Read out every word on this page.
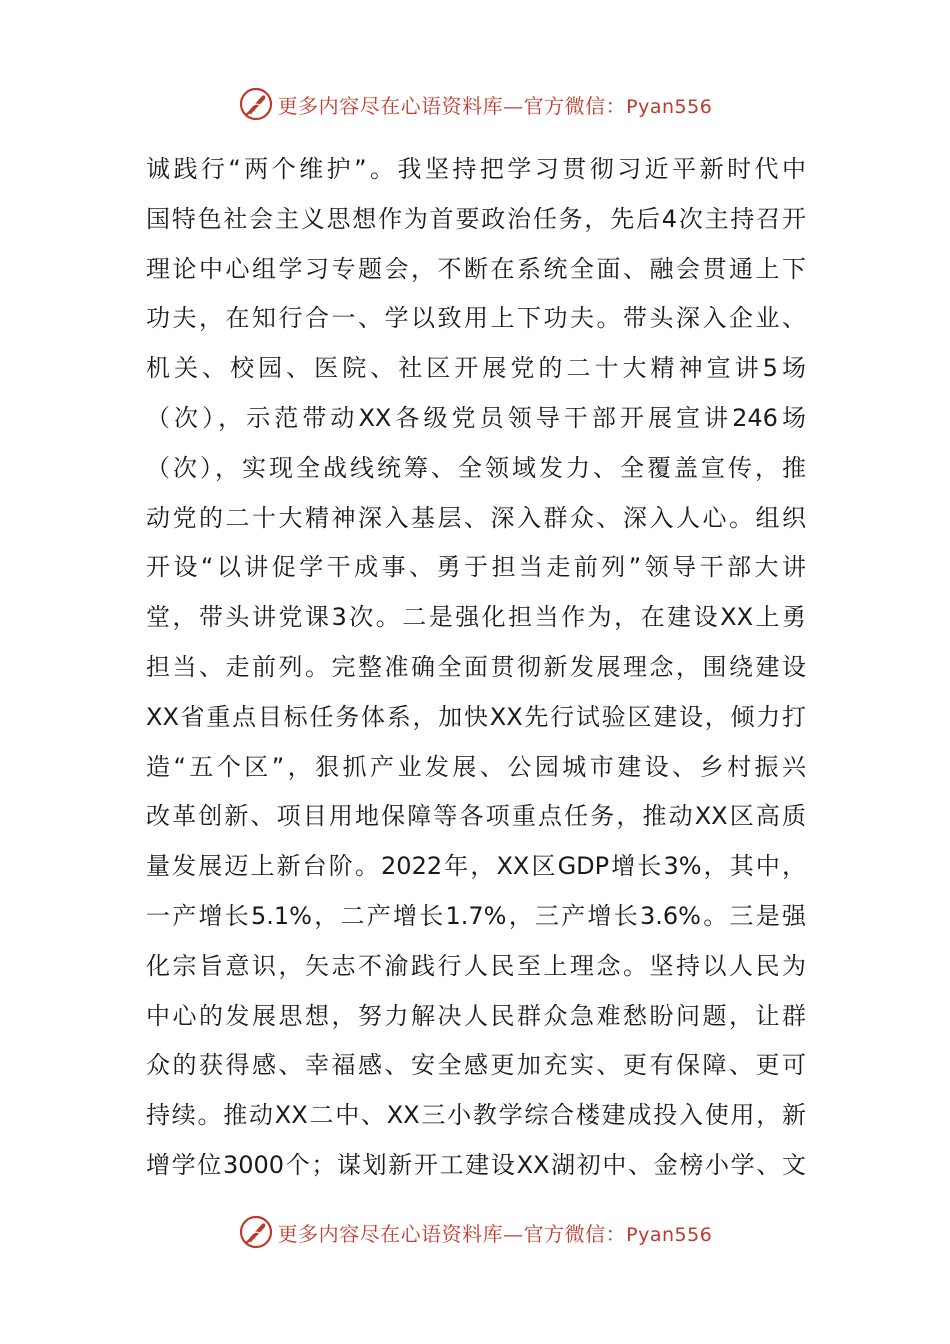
更多内容尽在心语资料库—官方微信：Pyan556
诚践行“两个维护”。我坚持把学习贯彻习近平新时代中
国特色社会主义思想作为首要政治任务，先后4次主持召开
理论中心组学习专题会，不断在系统全面、融会贯通上下
功夫，在知行合一、学以致用上下功夫。带头深入企业、
机关、校园、医院、社区开展党的二十大精神宣讲5场
（次），示范带动XX各级党员领导干部开展宣讲246场
（次），实现全战线统筹、全领域发力、全覆盖宣传，推
动党的二十大精神深入基层、深入群众、深入人心。组织
开设“以讲促学干成事、勇于担当走前列”领导干部大讲
堂，带头讲党课3次。二是强化担当作为，在建设XX上勇
担当、走前列。完整准确全面贯彻新发展理念，围绕建设
XX省重点目标任务体系，加快XX先行试验区建设，倾力打
造“五个区”，狠抓产业发展、公园城市建设、乡村振兴
改革创新、项目用地保障等各项重点任务，推动XX区高质
量发展迈上新台阶。2022年，XX区GDP增长3%，其中，
一产增长5.1%，二产增长1.7%，三产增长3.6%。三是强
化宗旨意识，矢志不渝践行人民至上理念。坚持以人民为
中心的发展思想，努力解决人民群众急难愁盼问题，让群
众的获得感、幸福感、安全感更加充实、更有保障、更可
持续。推动XX二中、XX三小教学综合楼建成投入使用，新
增学位3000个；谋划新开工建设XX湖初中、金榜小学、文
更多内容尽在心语资料库—官方微信：Pyan556
